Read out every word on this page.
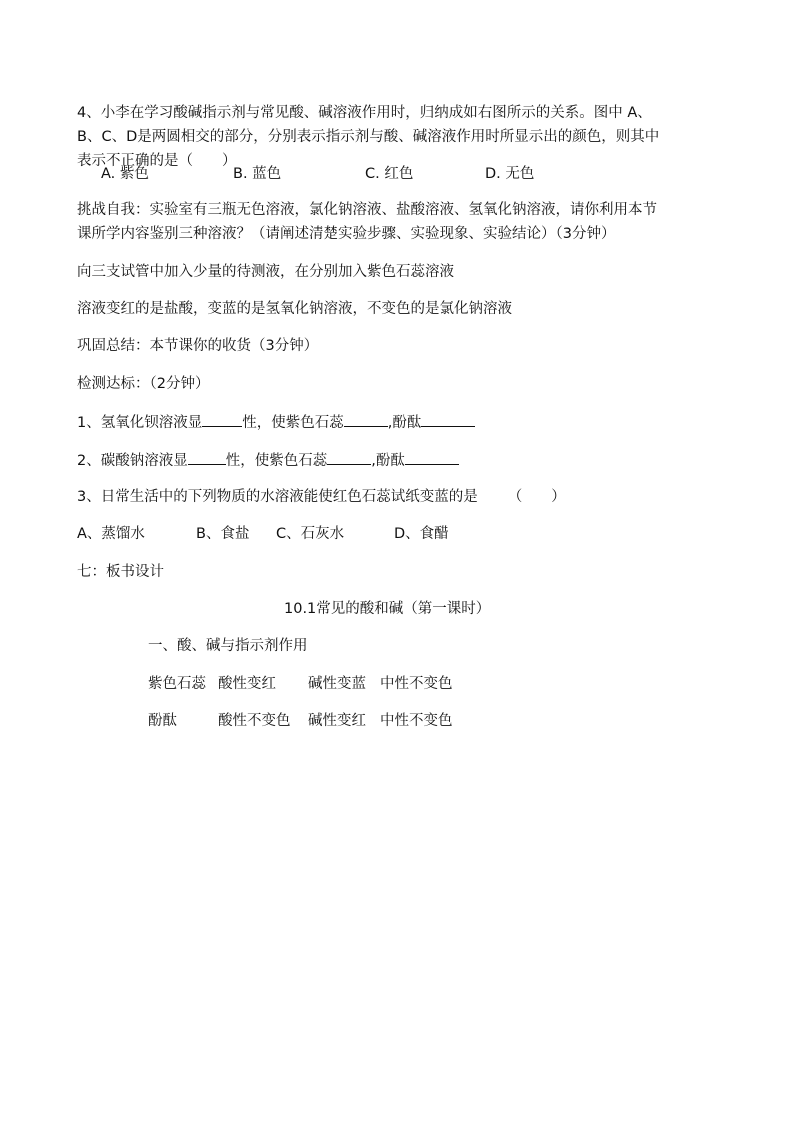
4、小李在学习酸碱指示剂与常见酸、碱溶液作用时，归纳成如右图所示的关系。图中 A、
B、C、D是两圆相交的部分，分别表示指示剂与酸、碱溶液作用时所显示出的颜色，则其中
表示不正确的是（　　）
A. 紫色	B. 蓝色	C. 红色	D. 无色
挑战自我：实验室有三瓶无色溶液，氯化钠溶液、盐酸溶液、氢氧化钠溶液，请你利用本节
课所学内容鉴别三种溶液？（请阐述清楚实验步骤、实验现象、实验结论）（3分钟）
向三支试管中加入少量的待测液，在分别加入紫色石蕊溶液
溶液变红的是盐酸，变蓝的是氢氧化钠溶液，不变色的是氯化钠溶液
巩固总结：本节课你的收货（3分钟）
检测达标：（2分钟）
1、氢氧化钡溶液显	性，使紫色石蕊	,酚酞
2、碳酸钠溶液显	性，使紫色石蕊	,酚酞
3、日常生活中的下列物质的水溶液能使红色石蕊试纸变蓝的是 （　　）
A、蒸馏水	B、食盐 C、石灰水	D、食醋
七：板书设计
10.1常见的酸和碱（第一课时）
一、酸、碱与指示剂作用
紫色石蕊 酸性变红 碱性变蓝 中性不变色
酚酞	酸性不变色 碱性变红 中性不变色
